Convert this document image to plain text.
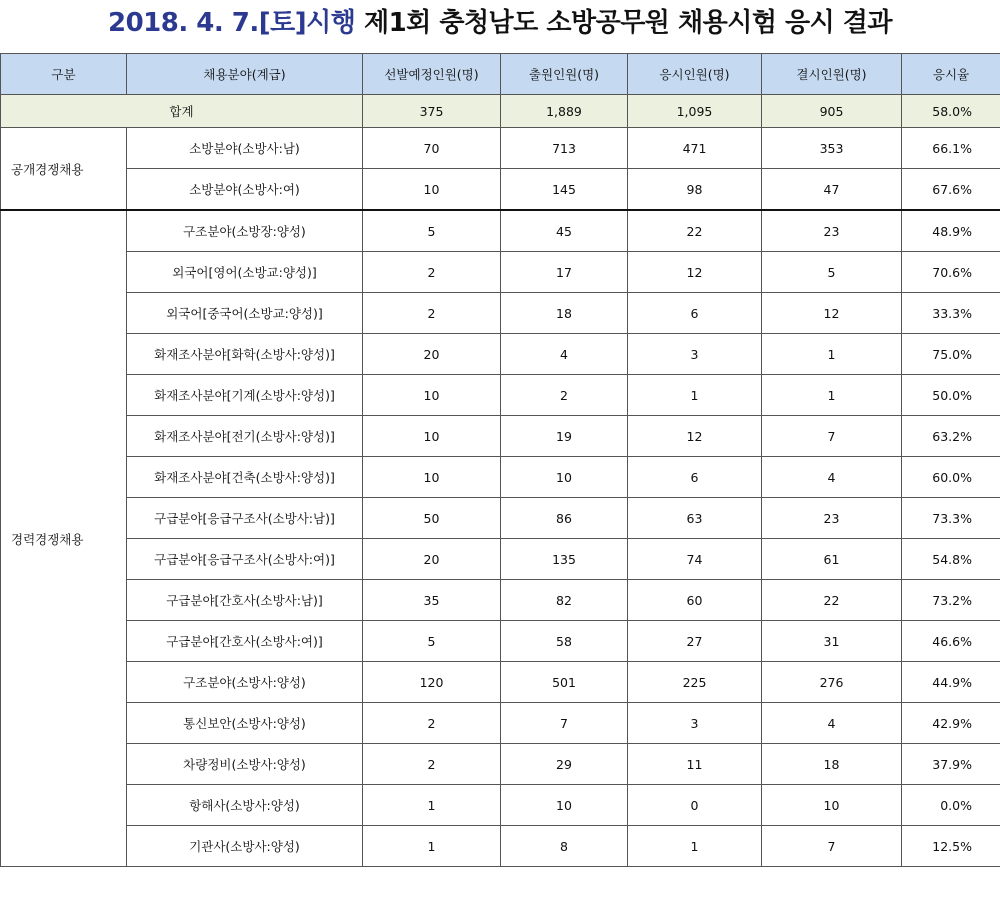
2018. 4. 7.[토]시행 제1회 충청남도 소방공무원 채용시험 응시 결과
구분	채용분야(계급)	선발예정인원(명)	출원인원(명)	응시인원(명)	결시인원(명)	응시율
합계		375	1,889	1,095	905	58.0%
공개경쟁채용	소방분야(소방사:남)	70	713	471	353	66.1%
	소방분야(소방사:여)	10	145	98	47	67.6%
경력경쟁채용	구조분야(소방장:양성)	5	45	22	23	48.9%
	외국어[영어(소방교:양성)]	2	17	12	5	70.6%
	외국어[중국어(소방교:양성)]	2	18	6	12	33.3%
	화재조사분야[화학(소방사:양성)]	20	4	3	1	75.0%
	화재조사분야[기계(소방사:양성)]	10	2	1	1	50.0%
	화재조사분야[전기(소방사:양성)]	10	19	12	7	63.2%
	화재조사분야[건축(소방사:양성)]	10	10	6	4	60.0%
	구급분야[응급구조사(소방사:남)]	50	86	63	23	73.3%
	구급분야[응급구조사(소방사:여)]	20	135	74	61	54.8%
	구급분야[간호사(소방사:남)]	35	82	60	22	73.2%
	구급분야[간호사(소방사:여)]	5	58	27	31	46.6%
	구조분야(소방사:양성)	120	501	225	276	44.9%
	통신보안(소방사:양성)	2	7	3	4	42.9%
	차량정비(소방사:양성)	2	29	11	18	37.9%
	항해사(소방사:양성)	1	10	0	10	0.0%
	기관사(소방사:양성)	1	8	1	7	12.5%
